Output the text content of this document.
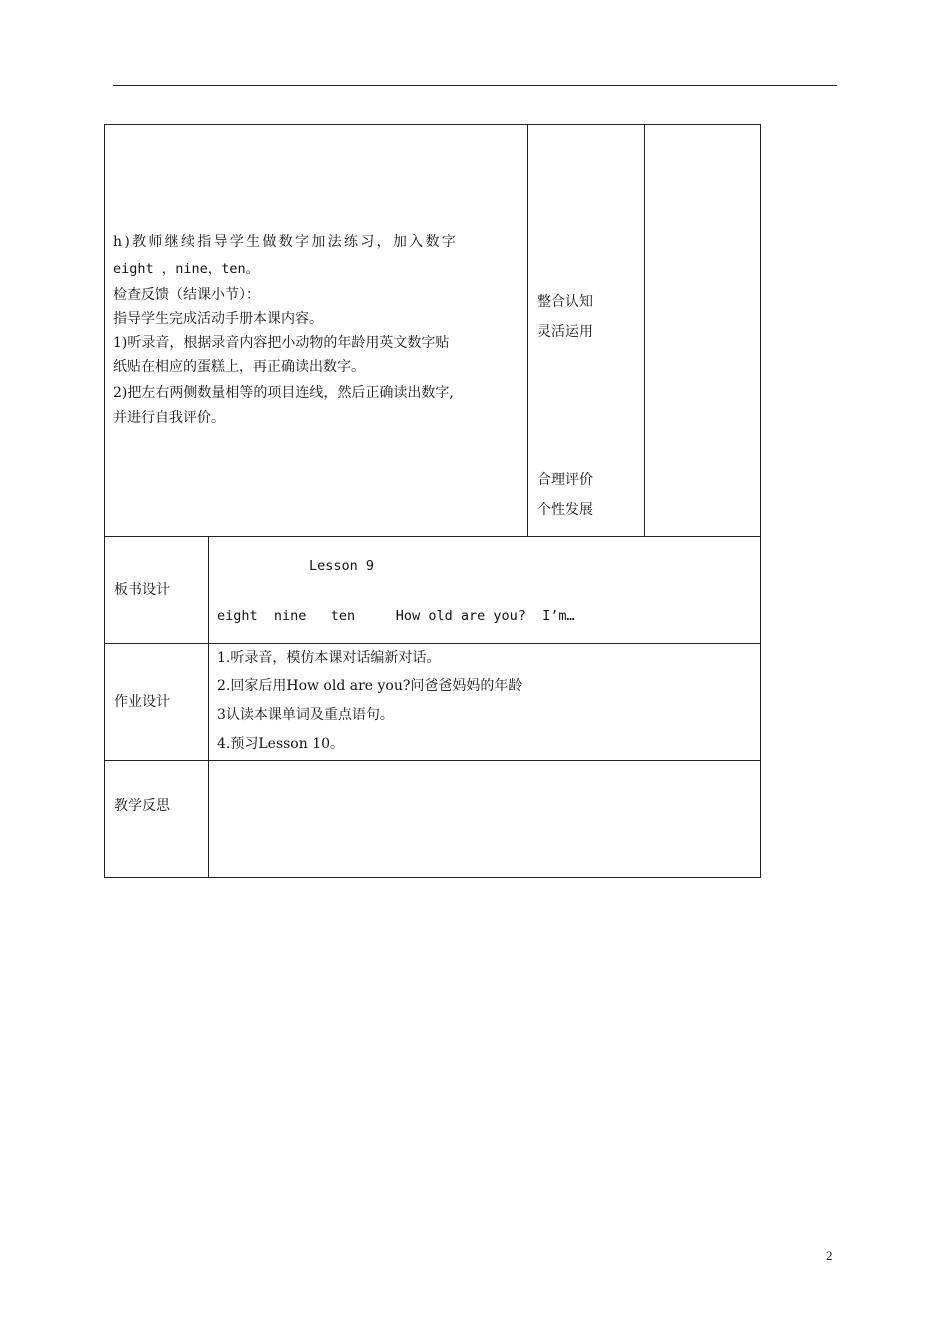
h)教师继续指导学生做数字加法练习，加入数字
eight ，nine，ten。
检查反馈（结课小节）：
指导学生完成活动手册本课内容。
1)听录音，根据录音内容把小动物的年龄用英文数字贴
纸贴在相应的蛋糕上，再正确读出数字。
2)把左右两侧数量相等的项目连线，然后正确读出数字,
并进行自我评价。
整合认知
灵活运用
合理评价
个性发展
板书设计
Lesson 9
eight  nine   ten     How old are you?  I’m…
作业设计
1.听录音，模仿本课对话编新对话。
2.回家后用How old are you?问爸爸妈妈的年龄
3认读本课单词及重点语句。
4.预习Lesson 10。
教学反思
2
